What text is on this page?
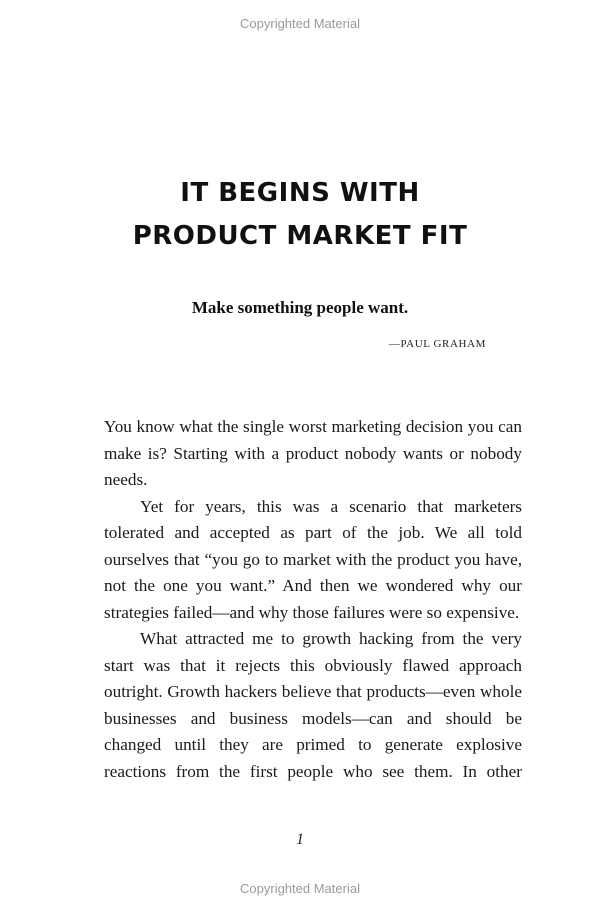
Copyrighted Material
IT BEGINS WITH
PRODUCT MARKET FIT
Make something people want.
—PAUL GRAHAM

You know what the single worst marketing decision you can make is? Starting with a product nobody wants or nobody needs.

Yet for years, this was a scenario that marketers tolerated and accepted as part of the job. We all told ourselves that “you go to market with the product you have, not the one you want.” And then we wondered why our strategies failed—and why those failures were so expensive.

What attracted me to growth hacking from the very start was that it rejects this obviously flawed approach outright. Growth hackers believe that products—even whole businesses and business models—can and should be changed until they are primed to generate explosive reactions from the first people who see them. In other

1
Copyrighted Material
